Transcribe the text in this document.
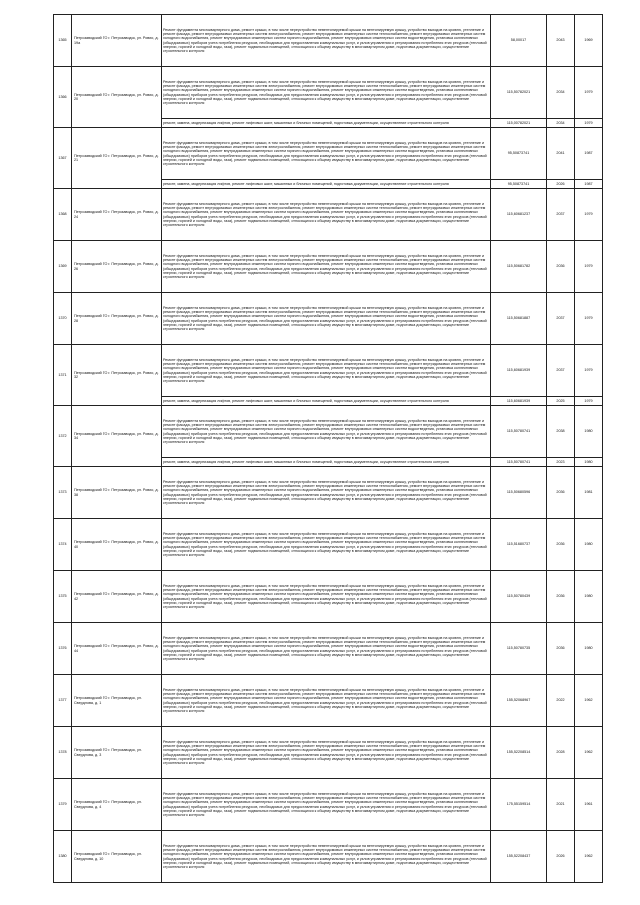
1365	Петрозаводский ГО г. Петрозаводск, ул. Ровио, д. 19а	Ремонт фундамента многоквартирного дома, ремонт крыши, в том числе переустройство невентилируемой крыши на вентилируемую крышу, устройство выходов на кровлю, утепление и ремонт фасада, ремонт внутридомовых инженерных систем электроснабжения, ремонт внутридомовых инженерных систем теплоснабжения, ремонт внутридомовых инженерных систем холодного водоснабжения, ремонт внутридомовых инженерных систем горячего водоснабжения, ремонт внутридомовых инженерных систем водоотведения, установка коллективных (общедомовых) приборов учета потребления ресурсов, необходимых для предоставления коммунальных услуг, и узлов управления и регулирования потребления этих ресурсов (тепловой энергии, горячей и холодной воды, газа), ремонт подвальных помещений, относящихся к общему имуществу в многоквартирном доме, подготовка документации, осуществление строительного контроля	58,00017	2043	1969
1366	Петрозаводский ГО г. Петрозаводск, ул. Ровио, д. 20	Ремонт фундамента многоквартирного дома, ремонт крыши, в том числе переустройство невентилируемой крыши на вентилируемую крышу, устройство выходов на кровлю, утепление и ремонт фасада, ремонт внутридомовых инженерных систем электроснабжения, ремонт внутридомовых инженерных систем теплоснабжения, ремонт внутридомовых инженерных систем холодного водоснабжения, ремонт внутридомовых инженерных систем горячего водоснабжения, ремонт внутридомовых инженерных систем водоотведения, установка коллективных (общедомовых) приборов учета потребления ресурсов, необходимых для предоставления коммунальных услуг, и узлов управления и регулирования потребления этих ресурсов (тепловой энергии, горячей и холодной воды, газа), ремонт подвальных помещений, относящихся к общему имуществу в многоквартирном доме, подготовка документации, осуществление строительного контроля	115,50782021	2034	1979
		ремонт, замена, модернизация лифтов, ремонт лифтовых шахт, машинных и блочных помещений, подготовка документации, осуществление строительного контроля	115,00782021	2034	1979
1367	Петрозаводский ГО г. Петрозаводск, ул. Ровио, д. 21	Ремонт фундамента многоквартирного дома, ремонт крыши, в том числе переустройство невентилируемой крыши на вентилируемую крышу, устройство выходов на кровлю, утепление и ремонт фасада, ремонт внутридомовых инженерных систем электроснабжения, ремонт внутридомовых инженерных систем теплоснабжения, ремонт внутридомовых инженерных систем холодного водоснабжения, ремонт внутридомовых инженерных систем горячего водоснабжения, ремонт внутридомовых инженерных систем водоотведения, установка коллективных (общедомовых) приборов учета потребления ресурсов, необходимых для предоставления коммунальных услуг, и узлов управления и регулирования потребления этих ресурсов (тепловой энергии, горячей и холодной воды, газа), ремонт подвальных помещений, относящихся к общему имуществу в многоквартирном доме, подготовка документации, осуществление строительного контроля	95,50873741	2041	1987
		ремонт, замена, модернизация лифтов, ремонт лифтовых шахт, машинных и блочных помещений, подготовка документации, осуществление строительного контроля	95,50873741	2026	1987
1368	Петрозаводский ГО г. Петрозаводск, ул. Ровио, д. 24	Ремонт фундамента многоквартирного дома, ремонт крыши, в том числе переустройство невентилируемой крыши на вентилируемую крышу, устройство выходов на кровлю, утепление и ремонт фасада, ремонт внутридомовых инженерных систем электроснабжения, ремонт внутридомовых инженерных систем теплоснабжения, ремонт внутридомовых инженерных систем холодного водоснабжения, ремонт внутридомовых инженерных систем горячего водоснабжения, ремонт внутридомовых инженерных систем водоотведения, установка коллективных (общедомовых) приборов учета потребления ресурсов, необходимых для предоставления коммунальных услуг, и узлов управления и регулирования потребления этих ресурсов (тепловой энергии, горячей и холодной воды, газа), ремонт подвальных помещений, относящихся к общему имуществу в многоквартирном доме, подготовка документации, осуществление строительного контроля	115,60681237	2037	1979
1369	Петрозаводский ГО г. Петрозаводск, ул. Ровио, д. 26	Ремонт фундамента многоквартирного дома, ремонт крыши, в том числе переустройство невентилируемой крыши на вентилируемую крышу, устройство выходов на кровлю, утепление и ремонт фасада, ремонт внутридомовых инженерных систем электроснабжения, ремонт внутридомовых инженерных систем теплоснабжения, ремонт внутридомовых инженерных систем холодного водоснабжения, ремонт внутридомовых инженерных систем горячего водоснабжения, ремонт внутридомовых инженерных систем водоотведения, установка коллективных (общедомовых) приборов учета потребления ресурсов, необходимых для предоставления коммунальных услуг, и узлов управления и регулирования потребления этих ресурсов (тепловой энергии, горячей и холодной воды, газа), ремонт подвальных помещений, относящихся к общему имуществу в многоквартирном доме, подготовка документации, осуществление строительного контроля	115,50681782	2036	1979
1370	Петрозаводский ГО г. Петрозаводск, ул. Ровио, д. 28	Ремонт фундамента многоквартирного дома, ремонт крыши, в том числе переустройство невентилируемой крыши на вентилируемую крышу, устройство выходов на кровлю, утепление и ремонт фасада, ремонт внутридомовых инженерных систем электроснабжения, ремонт внутридомовых инженерных систем теплоснабжения, ремонт внутридомовых инженерных систем холодного водоснабжения, ремонт внутридомовых инженерных систем горячего водоснабжения, ремонт внутридомовых инженерных систем водоотведения, установка коллективных (общедомовых) приборов учета потребления ресурсов, необходимых для предоставления коммунальных услуг, и узлов управления и регулирования потребления этих ресурсов (тепловой энергии, горячей и холодной воды, газа), ремонт подвальных помещений, относящихся к общему имуществу в многоквартирном доме, подготовка документации, осуществление строительного контроля	115,50681887	2037	1979
1371	Петрозаводский ГО г. Петрозаводск, ул. Ровио, д. 32	Ремонт фундамента многоквартирного дома, ремонт крыши, в том числе переустройство невентилируемой крыши на вентилируемую крышу, устройство выходов на кровлю, утепление и ремонт фасада, ремонт внутридомовых инженерных систем электроснабжения, ремонт внутридомовых инженерных систем теплоснабжения, ремонт внутридомовых инженерных систем холодного водоснабжения, ремонт внутридомовых инженерных систем горячего водоснабжения, ремонт внутридомовых инженерных систем водоотведения, установка коллективных (общедомовых) приборов учета потребления ресурсов, необходимых для предоставления коммунальных услуг, и узлов управления и регулирования потребления этих ресурсов (тепловой энергии, горячей и холодной воды, газа), ремонт подвальных помещений, относящихся к общему имуществу в многоквартирном доме, подготовка документации, осуществление строительного контроля	115,60681939	2037	1979
		ремонт, замена, модернизация лифтов, ремонт лифтовых шахт, машинных и блочных помещений, подготовка документации, осуществление строительного контроля	115,60681939	2025	1979
1372	Петрозаводский ГО г. Петрозаводск, ул. Ровио, д. 34	Ремонт фундамента многоквартирного дома, ремонт крыши, в том числе переустройство невентилируемой крыши на вентилируемую крышу, устройство выходов на кровлю, утепление и ремонт фасада, ремонт внутридомовых инженерных систем электроснабжения, ремонт внутридомовых инженерных систем теплоснабжения, ремонт внутридомовых инженерных систем холодного водоснабжения, ремонт внутридомовых инженерных систем горячего водоснабжения, ремонт внутридомовых инженерных систем водоотведения, установка коллективных (общедомовых) приборов учета потребления ресурсов, необходимых для предоставления коммунальных услуг, и узлов управления и регулирования потребления этих ресурсов (тепловой энергии, горячей и холодной воды, газа), ремонт подвальных помещений, относящихся к общему имуществу в многоквартирном доме, подготовка документации, осуществление строительного контроля	115,50780741	2038	1980
		ремонт, замена, модернизация лифтов, ремонт лифтовых шахт, машинных и блочных помещений, подготовка документации, осуществление строительного контроля	115,50780741	2023	1980
1373	Петрозаводский ГО г. Петрозаводск, ул. Ровио, д. 38	Ремонт фундамента многоквартирного дома, ремонт крыши, в том числе переустройство невентилируемой крыши на вентилируемую крышу, устройство выходов на кровлю, утепление и ремонт фасада, ремонт внутридомовых инженерных систем электроснабжения, ремонт внутридомовых инженерных систем теплоснабжения, ремонт внутридомовых инженерных систем холодного водоснабжения, ремонт внутридомовых инженерных систем горячего водоснабжения, ремонт внутридомовых инженерных систем водоотведения, установка коллективных (общедомовых) приборов учета потребления ресурсов, необходимых для предоставления коммунальных услуг, и узлов управления и регулирования потребления этих ресурсов (тепловой энергии, горячей и холодной воды, газа), ремонт подвальных помещений, относящихся к общему имуществу в многоквартирном доме, подготовка документации, осуществление строительного контроля	115,50680596	2036	1981
1374	Петрозаводский ГО г. Петрозаводск, ул. Ровио, д. 40	Ремонт фундамента многоквартирного дома, ремонт крыши, в том числе переустройство невентилируемой крыши на вентилируемую крышу, устройство выходов на кровлю, утепление и ремонт фасада, ремонт внутридомовых инженерных систем электроснабжения, ремонт внутридомовых инженерных систем теплоснабжения, ремонт внутридомовых инженерных систем холодного водоснабжения, ремонт внутридомовых инженерных систем горячего водоснабжения, ремонт внутридомовых инженерных систем водоотведения, установка коллективных (общедомовых) приборов учета потребления ресурсов, необходимых для предоставления коммунальных услуг, и узлов управления и регулирования потребления этих ресурсов (тепловой энергии, горячей и холодной воды, газа), ремонт подвальных помещений, относящихся к общему имуществу в многоквартирном доме, подготовка документации, осуществление строительного контроля	115,51680737	2036	1980
1375	Петрозаводский ГО г. Петрозаводск, ул. Ровио, д. 42	Ремонт фундамента многоквартирного дома, ремонт крыши, в том числе переустройство невентилируемой крыши на вентилируемую крышу, устройство выходов на кровлю, утепление и ремонт фасада, ремонт внутридомовых инженерных систем электроснабжения, ремонт внутридомовых инженерных систем теплоснабжения, ремонт внутридомовых инженерных систем холодного водоснабжения, ремонт внутридомовых инженерных систем горячего водоснабжения, ремонт внутридомовых инженерных систем водоотведения, установка коллективных (общедомовых) приборов учета потребления ресурсов, необходимых для предоставления коммунальных услуг, и узлов управления и регулирования потребления этих ресурсов (тепловой энергии, горячей и холодной воды, газа), ремонт подвальных помещений, относящихся к общему имуществу в многоквартирном доме, подготовка документации, осуществление строительного контроля	115,50780439	2036	1980
1376	Петрозаводский ГО г. Петрозаводск, ул. Ровио, д. 44	Ремонт фундамента многоквартирного дома, ремонт крыши, в том числе переустройство невентилируемой крыши на вентилируемую крышу, устройство выходов на кровлю, утепление и ремонт фасада, ремонт внутридомовых инженерных систем электроснабжения, ремонт внутридомовых инженерных систем теплоснабжения, ремонт внутридомовых инженерных систем холодного водоснабжения, ремонт внутридомовых инженерных систем горячего водоснабжения, ремонт внутридомовых инженерных систем водоотведения, установка коллективных (общедомовых) приборов учета потребления ресурсов, необходимых для предоставления коммунальных услуг, и узлов управления и регулирования потребления этих ресурсов (тепловой энергии, горячей и холодной воды, газа), ремонт подвальных помещений, относящихся к общему имуществу в многоквартирном доме, подготовка документации, осуществление строительного контроля	115,50780735	2036	1980
1377	Петрозаводский ГО г. Петрозаводск, ул. Свердлова, д. 1	Ремонт фундамента многоквартирного дома, ремонт крыши, в том числе переустройство невентилируемой крыши на вентилируемую крышу, устройство выходов на кровлю, утепление и ремонт фасада, ремонт внутридомовых инженерных систем электроснабжения, ремонт внутридомовых инженерных систем теплоснабжения, ремонт внутридомовых инженерных систем холодного водоснабжения, ремонт внутридомовых инженерных систем горячего водоснабжения, ремонт внутридомовых инженерных систем водоотведения, установка коллективных (общедомовых) приборов учета потребления ресурсов, необходимых для предоставления коммунальных услуг, и узлов управления и регулирования потребления этих ресурсов (тепловой энергии, горячей и холодной воды, газа), ремонт подвальных помещений, относящихся к общему имуществу в многоквартирном доме, подготовка документации, осуществление строительного контроля	155,52068967	2022	1962
1378	Петрозаводский ГО г. Петрозаводск, ул. Свердлова, д. 3	Ремонт фундамента многоквартирного дома, ремонт крыши, в том числе переустройство невентилируемой крыши на вентилируемую крышу, устройство выходов на кровлю, утепление и ремонт фасада, ремонт внутридомовых инженерных систем электроснабжения, ремонт внутридомовых инженерных систем теплоснабжения, ремонт внутридомовых инженерных систем холодного водоснабжения, ремонт внутридомовых инженерных систем горячего водоснабжения, ремонт внутридомовых инженерных систем водоотведения, установка коллективных (общедомовых) приборов учета потребления ресурсов, необходимых для предоставления коммунальных услуг, и узлов управления и регулирования потребления этих ресурсов (тепловой энергии, горячей и холодной воды, газа), ремонт подвальных помещений, относящихся к общему имуществу в многоквартирном доме, подготовка документации, осуществление строительного контроля	155,52208514	2028	1962
1379	Петрозаводский ГО г. Петрозаводск, ул. Свердлова, д. 4	Ремонт фундамента многоквартирного дома, ремонт крыши, в том числе переустройство невентилируемой крыши на вентилируемую крышу, устройство выходов на кровлю, утепление и ремонт фасада, ремонт внутридомовых инженерных систем электроснабжения, ремонт внутридомовых инженерных систем теплоснабжения, ремонт внутридомовых инженерных систем холодного водоснабжения, ремонт внутридомовых инженерных систем горячего водоснабжения, ремонт внутридомовых инженерных систем водоотведения, установка коллективных (общедомовых) приборов учета потребления ресурсов, необходимых для предоставления коммунальных услуг, и узлов управления и регулирования потребления этих ресурсов (тепловой энергии, горячей и холодной воды, газа), ремонт подвальных помещений, относящихся к общему имуществу в многоквартирном доме, подготовка документации, осуществление строительного контроля	175,55159514	2021	1961
1380	Петрозаводский ГО г. Петрозаводск, ул. Свердлова, д. 10	Ремонт фундамента многоквартирного дома, ремонт крыши, в том числе переустройство невентилируемой крыши на вентилируемую крышу, устройство выходов на кровлю, утепление и ремонт фасада, ремонт внутридомовых инженерных систем электроснабжения, ремонт внутридомовых инженерных систем теплоснабжения, ремонт внутридомовых инженерных систем холодного водоснабжения, ремонт внутридомовых инженерных систем горячего водоснабжения, ремонт внутридомовых инженерных систем водоотведения, установка коллективных (общедомовых) приборов учета потребления ресурсов, необходимых для предоставления коммунальных услуг, и узлов управления и регулирования потребления этих ресурсов (тепловой энергии, горячей и холодной воды, газа), ремонт подвальных помещений, относящихся к общему имуществу в многоквартирном доме, подготовка документации, осуществление строительного контроля	155,52208437	2026	1962
